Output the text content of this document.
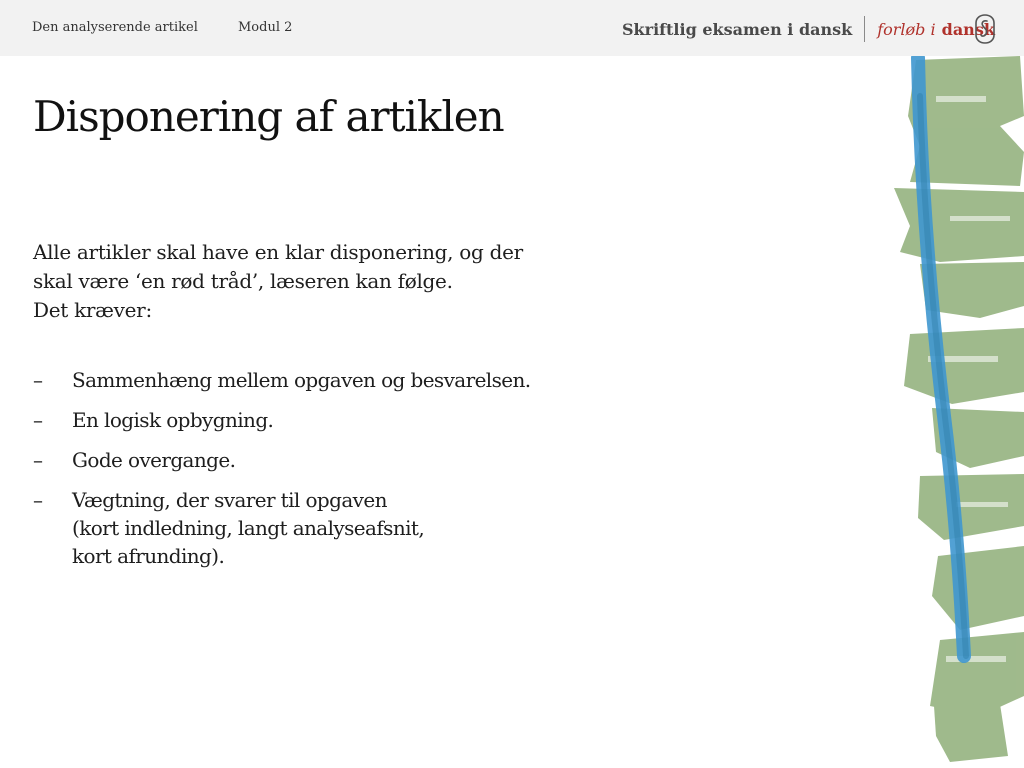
Den analyserende artikel	Modul 2	Skriftlig eksamen i dansk forløb i dansk
Disponering af artiklen
Alle artikler skal have en klar disponering, og der
skal være ‘en rød tråd’, læseren kan følge.
Det kræver:
– Sammenhæng mellem opgaven og besvarelsen.
– En logisk opbygning.
– Gode overgange.
– Vægtning, der svarer til opgaven
(kort indledning, langt analyseafsnit,
kort afrunding).
